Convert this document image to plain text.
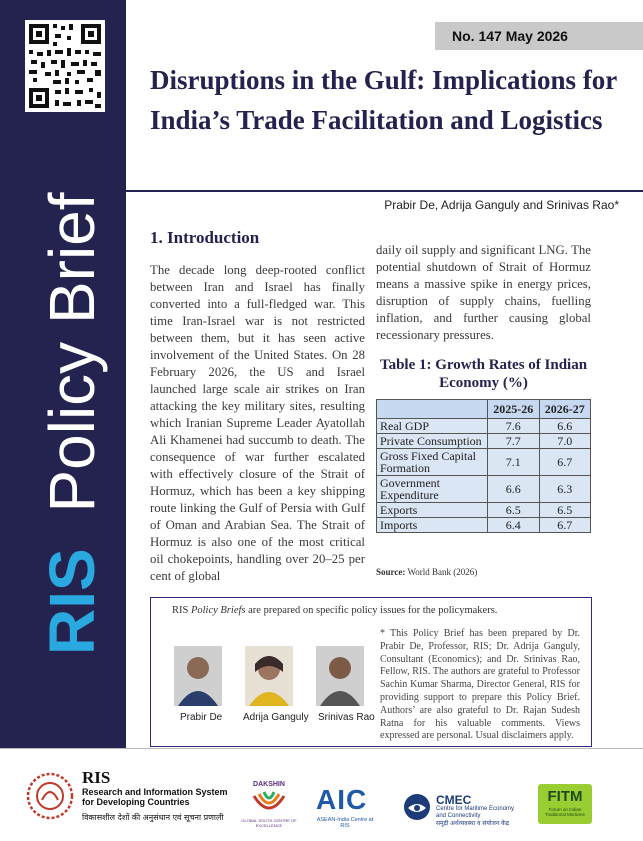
RIS Policy Brief
No. 147 May 2026
Disruptions in the Gulf: Implications for India’s Trade Facilitation and Logistics
Prabir De, Adrija Ganguly and Srinivas Rao*
1. Introduction

The decade long deep-rooted conflict between Iran and Israel has finally converted into a full-fledged war. This time Iran-Israel war is not restricted between them, but it has seen active involvement of the United States. On 28 February 2026, the US and Israel launched large scale air strikes on Iran attacking the key military sites, resulting which Iranian Supreme Leader Ayatollah Ali Khamenei had succumb to death. The consequence of war further escalated with effectively closure of the Strait of Hormuz, which has been a key shipping route linking the Gulf of Persia with Gulf of Oman and Arabian Sea. The Strait of Hormuz is also one of the most critical oil chokepoints, handling over 20–25 per cent of global

daily oil supply and significant LNG. The potential shutdown of Strait of Hormuz means a massive spike in energy prices, disruption of supply chains, fuelling inflation, and further causing global recessionary pressures.

Table 1: Growth Rates of Indian Economy (%)

	2025-26	2026-27
Real GDP	7.6	6.6
Private Consumption	7.7	7.0
Gross Fixed Capital Formation	7.1	6.7
Government Expenditure	6.6	6.3
Exports	6.5	6.5
Imports	6.4	6.7
Source: World Bank (2026)
RIS Policy Briefs are prepared on specific policy issues for the policymakers.
Prabir De Adrija Ganguly Srinivas Rao

* This Policy Brief has been prepared by Dr. Prabir De, Professor, RIS; Dr. Adrija Ganguly, Consultant (Economics); and Dr. Srinivas Rao, Fellow, RIS. The authors are grateful to Professor Sachin Kumar Sharma, Director General, RIS for providing support to prepare this Policy Brief. Authors’ are also grateful to Dr. Rajan Sudesh Ratna for his valuable comments. Views expressed are personal. Usual disclaimers apply.

RIS
Research and Information System
for Developing Countries
विकासशील देशों की अनुसंधान एवं सूचना प्रणाली
DAKSHIN
GLOBAL SOUTH CENTRE OF EXCELLENCE
AIC
ASEAN-India Centre at RIS
CMEC
Centre for Maritime Economy
and Connectivity
समुद्री अर्थव्यवस्था व संयोजन केंद्र
FITM
Forum on Indian Traditional Medicine
